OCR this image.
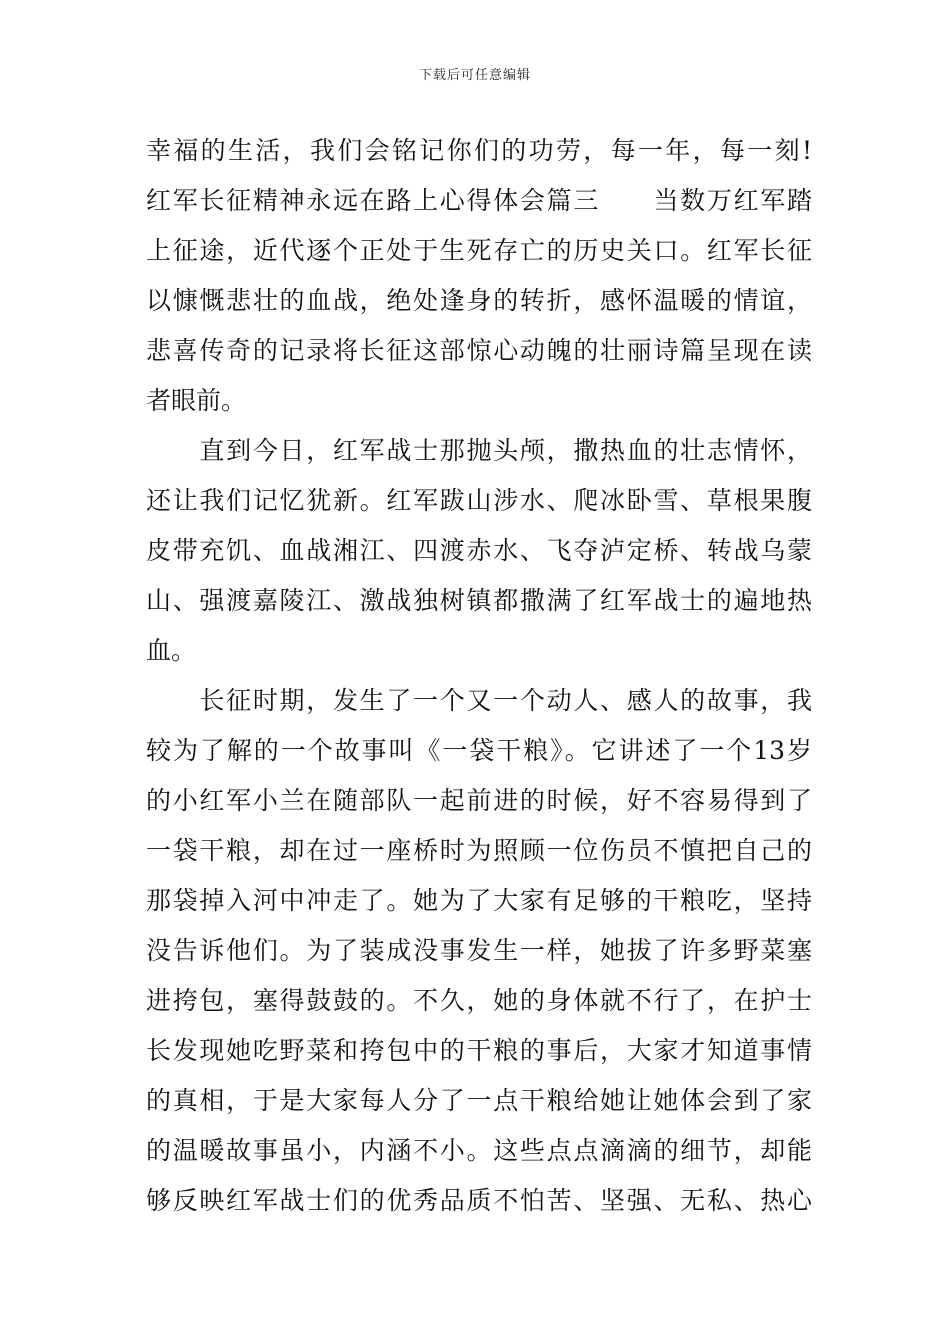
下载后可任意编辑
幸福的生活，我们会铭记你们的功劳，每一年，每一刻!
红军长征精神永远在路上心得体会篇三　　当数万红军踏
上征途，近代逐个正处于生死存亡的历史关口。红军长征
以慷慨悲壮的血战，绝处逢身的转折，感怀温暖的情谊，
悲喜传奇的记录将长征这部惊心动魄的壮丽诗篇呈现在读
者眼前。
　　直到今日，红军战士那抛头颅，撒热血的壮志情怀，
还让我们记忆犹新。红军跋山涉水、爬冰卧雪、草根果腹
皮带充饥、血战湘江、四渡赤水、飞夺泸定桥、转战乌蒙
山、强渡嘉陵江、激战独树镇都撒满了红军战士的遍地热
血。
　　长征时期，发生了一个又一个动人、感人的故事，我
较为了解的一个故事叫《一袋干粮》。它讲述了一个13岁
的小红军小兰在随部队一起前进的时候，好不容易得到了
一袋干粮，却在过一座桥时为照顾一位伤员不慎把自己的
那袋掉入河中冲走了。她为了大家有足够的干粮吃，坚持
没告诉他们。为了装成没事发生一样，她拔了许多野菜塞
进挎包，塞得鼓鼓的。不久，她的身体就不行了，在护士
长发现她吃野菜和挎包中的干粮的事后，大家才知道事情
的真相，于是大家每人分了一点干粮给她让她体会到了家
的温暖故事虽小，内涵不小。这些点点滴滴的细节，却能
够反映红军战士们的优秀品质不怕苦、坚强、无私、热心
